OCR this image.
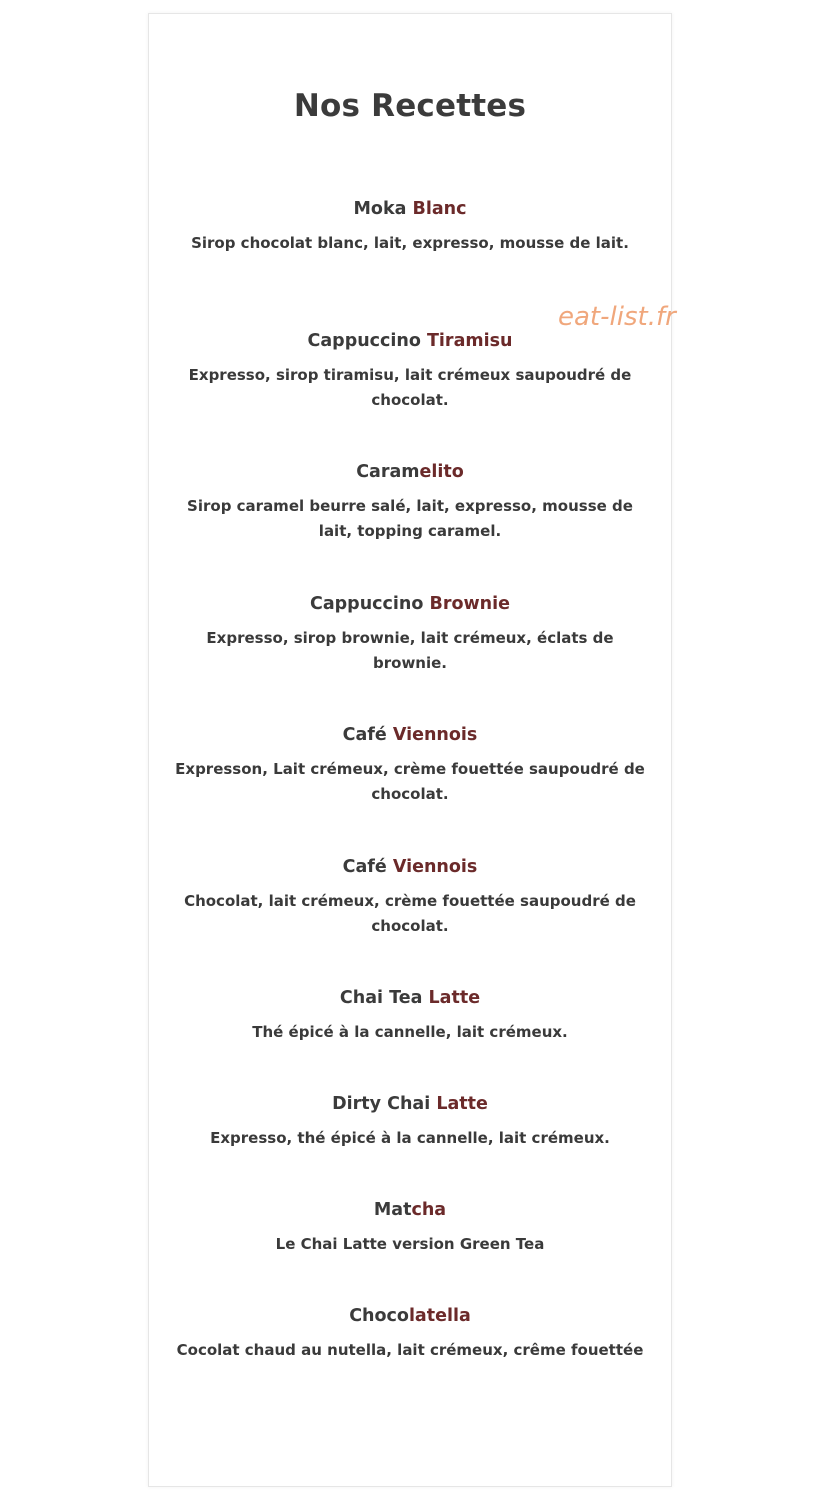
Nos Recettes
Moka Blanc
Sirop chocolat blanc, lait, expresso, mousse de lait.
Cappuccino Tiramisu
Expresso, sirop tiramisu, lait crémeux saupoudré de chocolat.
Caramelito
Sirop caramel beurre salé, lait, expresso, mousse de lait, topping caramel.
Cappuccino Brownie
Expresso, sirop brownie, lait crémeux, éclats de brownie.
Café Viennois
Expresson, Lait crémeux, crème fouettée saupoudré de chocolat.
Café Viennois
Chocolat, lait crémeux, crème fouettée saupoudré de chocolat.
Chai Tea Latte
Thé épicé à la cannelle, lait crémeux.
Dirty Chai Latte
Expresso, thé épicé à la cannelle, lait crémeux.
Matcha
Le Chai Latte version Green Tea
Chocolatella
Cocolat chaud au nutella, lait crémeux, crême fouettée
eat-list.fr
